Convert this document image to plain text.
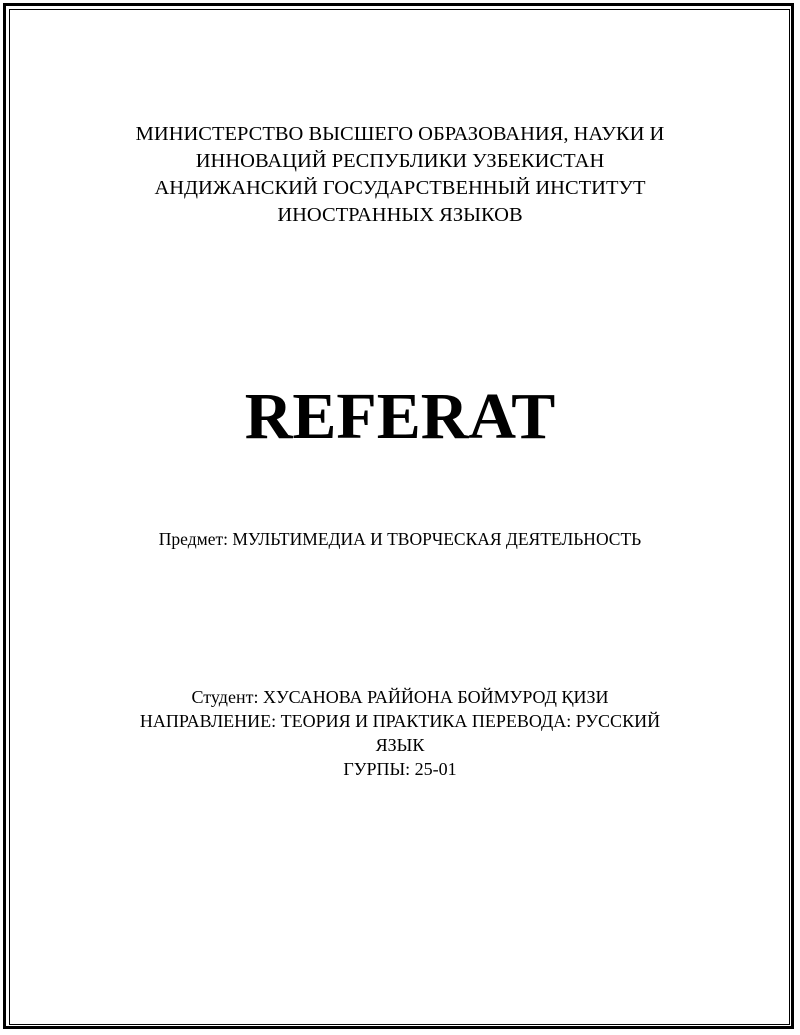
МИНИСТЕРСТВО ВЫСШЕГО ОБРАЗОВАНИЯ, НАУКИ И
ИННОВАЦИЙ РЕСПУБЛИКИ УЗБЕКИСТАН
АНДИЖАНСКИЙ ГОСУДАРСТВЕННЫЙ ИНСТИТУТ
ИНОСТРАННЫХ ЯЗЫКОВ
REFERAT
Предмет: МУЛЬТИМЕДИА И ТВОРЧЕСКАЯ ДЕЯТЕЛЬНОСТЬ
Студент: ХУСАНОВА РАЙЙОНА БОЙМУРОД ҚИЗИ
НАПРАВЛЕНИЕ: ТЕОРИЯ И ПРАКТИКА ПЕРЕВОДА: РУССКИЙ
ЯЗЫК
ГУРПЫ: 25-01
